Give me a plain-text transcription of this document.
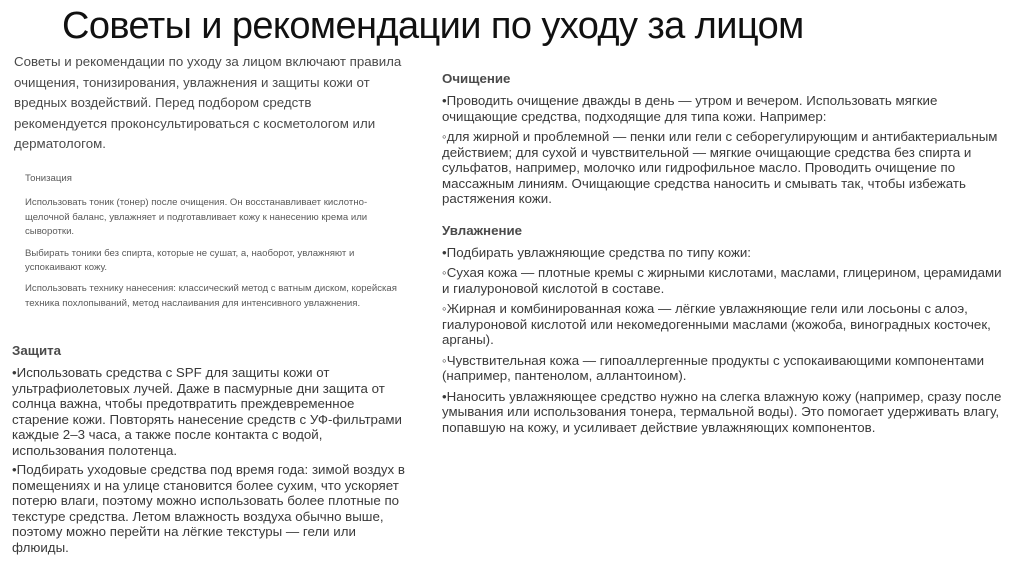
Советы и рекомендации по уходу за лицом
Советы и рекомендации по уходу за лицом включают правила очищения, тонизирования, увлажнения и защиты кожи от вредных воздействий. Перед подбором средств рекомендуется проконсультироваться с косметологом или дерматологом.
Тонизация

Использовать тоник (тонер) после очищения. Он восстанавливает кислотно-щелочной баланс, увлажняет и подготавливает кожу к нанесению крема или сыворотки.

Выбирать тоники без спирта, которые не сушат, а, наоборот, увлажняют и успокаивают кожу.

Использовать технику нанесения: классический метод с ватным диском, корейская техника похлопываний, метод наслаивания для интенсивного увлажнения.

Защита
•Использовать средства с SPF для защиты кожи от ультрафиолетовых лучей. Даже в пасмурные дни защита от солнца важна, чтобы предотвратить преждевременное старение кожи. Повторять нанесение средств с УФ-фильтрами каждые 2–3 часа, а также после контакта с водой, использования полотенца.
•Подбирать уходовые средства под время года: зимой воздух в помещениях и на улице становится более сухим, что ускоряет потерю влаги, поэтому можно использовать более плотные по текстуре средства. Летом влажность воздуха обычно выше, поэтому можно перейти на лёгкие текстуры — гели или флюиды.
Очищение
•Проводить очищение дважды в день — утром и вечером. Использовать мягкие очищающие средства, подходящие для типа кожи. Например:
◦для жирной и проблемной — пенки или гели с себорегулирующим и антибактериальным действием; для сухой и чувствительной — мягкие очищающие средства без спирта и сульфатов, например, молочко или гидрофильное масло. Проводить очищение по массажным линиям. Очищающие средства наносить и смывать так, чтобы избежать растяжения кожи.
Увлажнение
•Подбирать увлажняющие средства по типу кожи:
◦Сухая кожа — плотные кремы с жирными кислотами, маслами, глицерином, церамидами и гиалуроновой кислотой в составе.
◦Жирная и комбинированная кожа — лёгкие увлажняющие гели или лосьоны с алоэ, гиалуроновой кислотой или некомедогенными маслами (жожоба, виноградных косточек, арганы).
◦Чувствительная кожа — гипоаллергенные продукты с успокаивающими компонентами (например, пантенолом, аллантоином).
•Наносить увлажняющее средство нужно на слегка влажную кожу (например, сразу после умывания или использования тонера, термальной воды). Это помогает удерживать влагу, попавшую на кожу, и усиливает действие увлажняющих компонентов.
